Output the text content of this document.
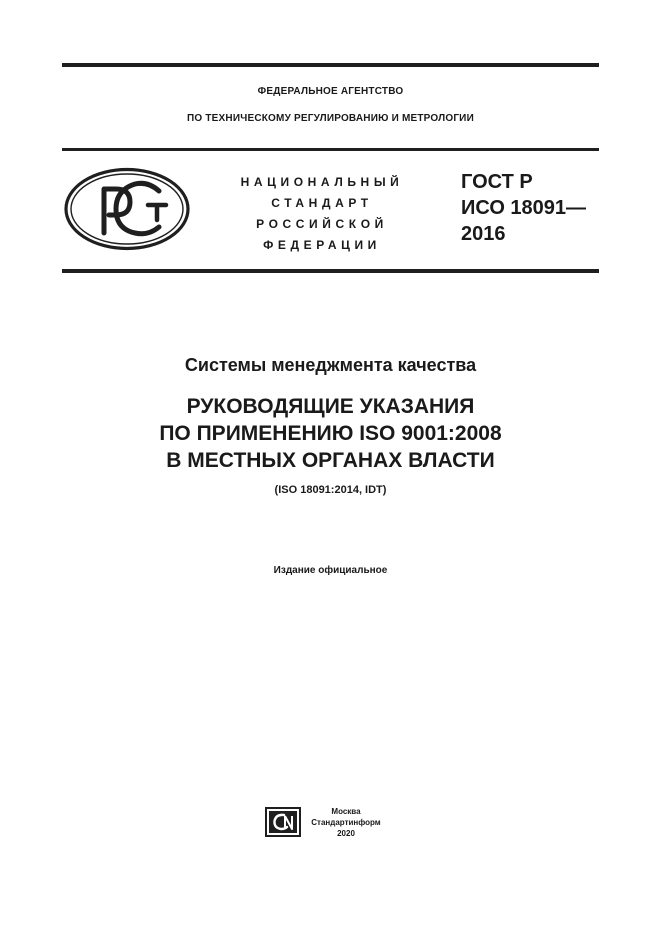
ФЕДЕРАЛЬНОЕ АГЕНТСТВО
ПО ТЕХНИЧЕСКОМУ РЕГУЛИРОВАНИЮ И МЕТРОЛОГИИ
НАЦИОНАЛЬНЫЙ
СТАНДАРТ
РОССИЙСКОЙ
ФЕДЕРАЦИИ
ГОСТ Р
ИСО 18091—
2016
Системы менеджмента качества
РУКОВОДЯЩИЕ УКАЗАНИЯ
ПО ПРИМЕНЕНИЮ ISO 9001:2008
В МЕСТНЫХ ОРГАНАХ ВЛАСТИ
(ISO 18091:2014, IDT)
Издание официальное
Москва
Стандартинформ
2020
